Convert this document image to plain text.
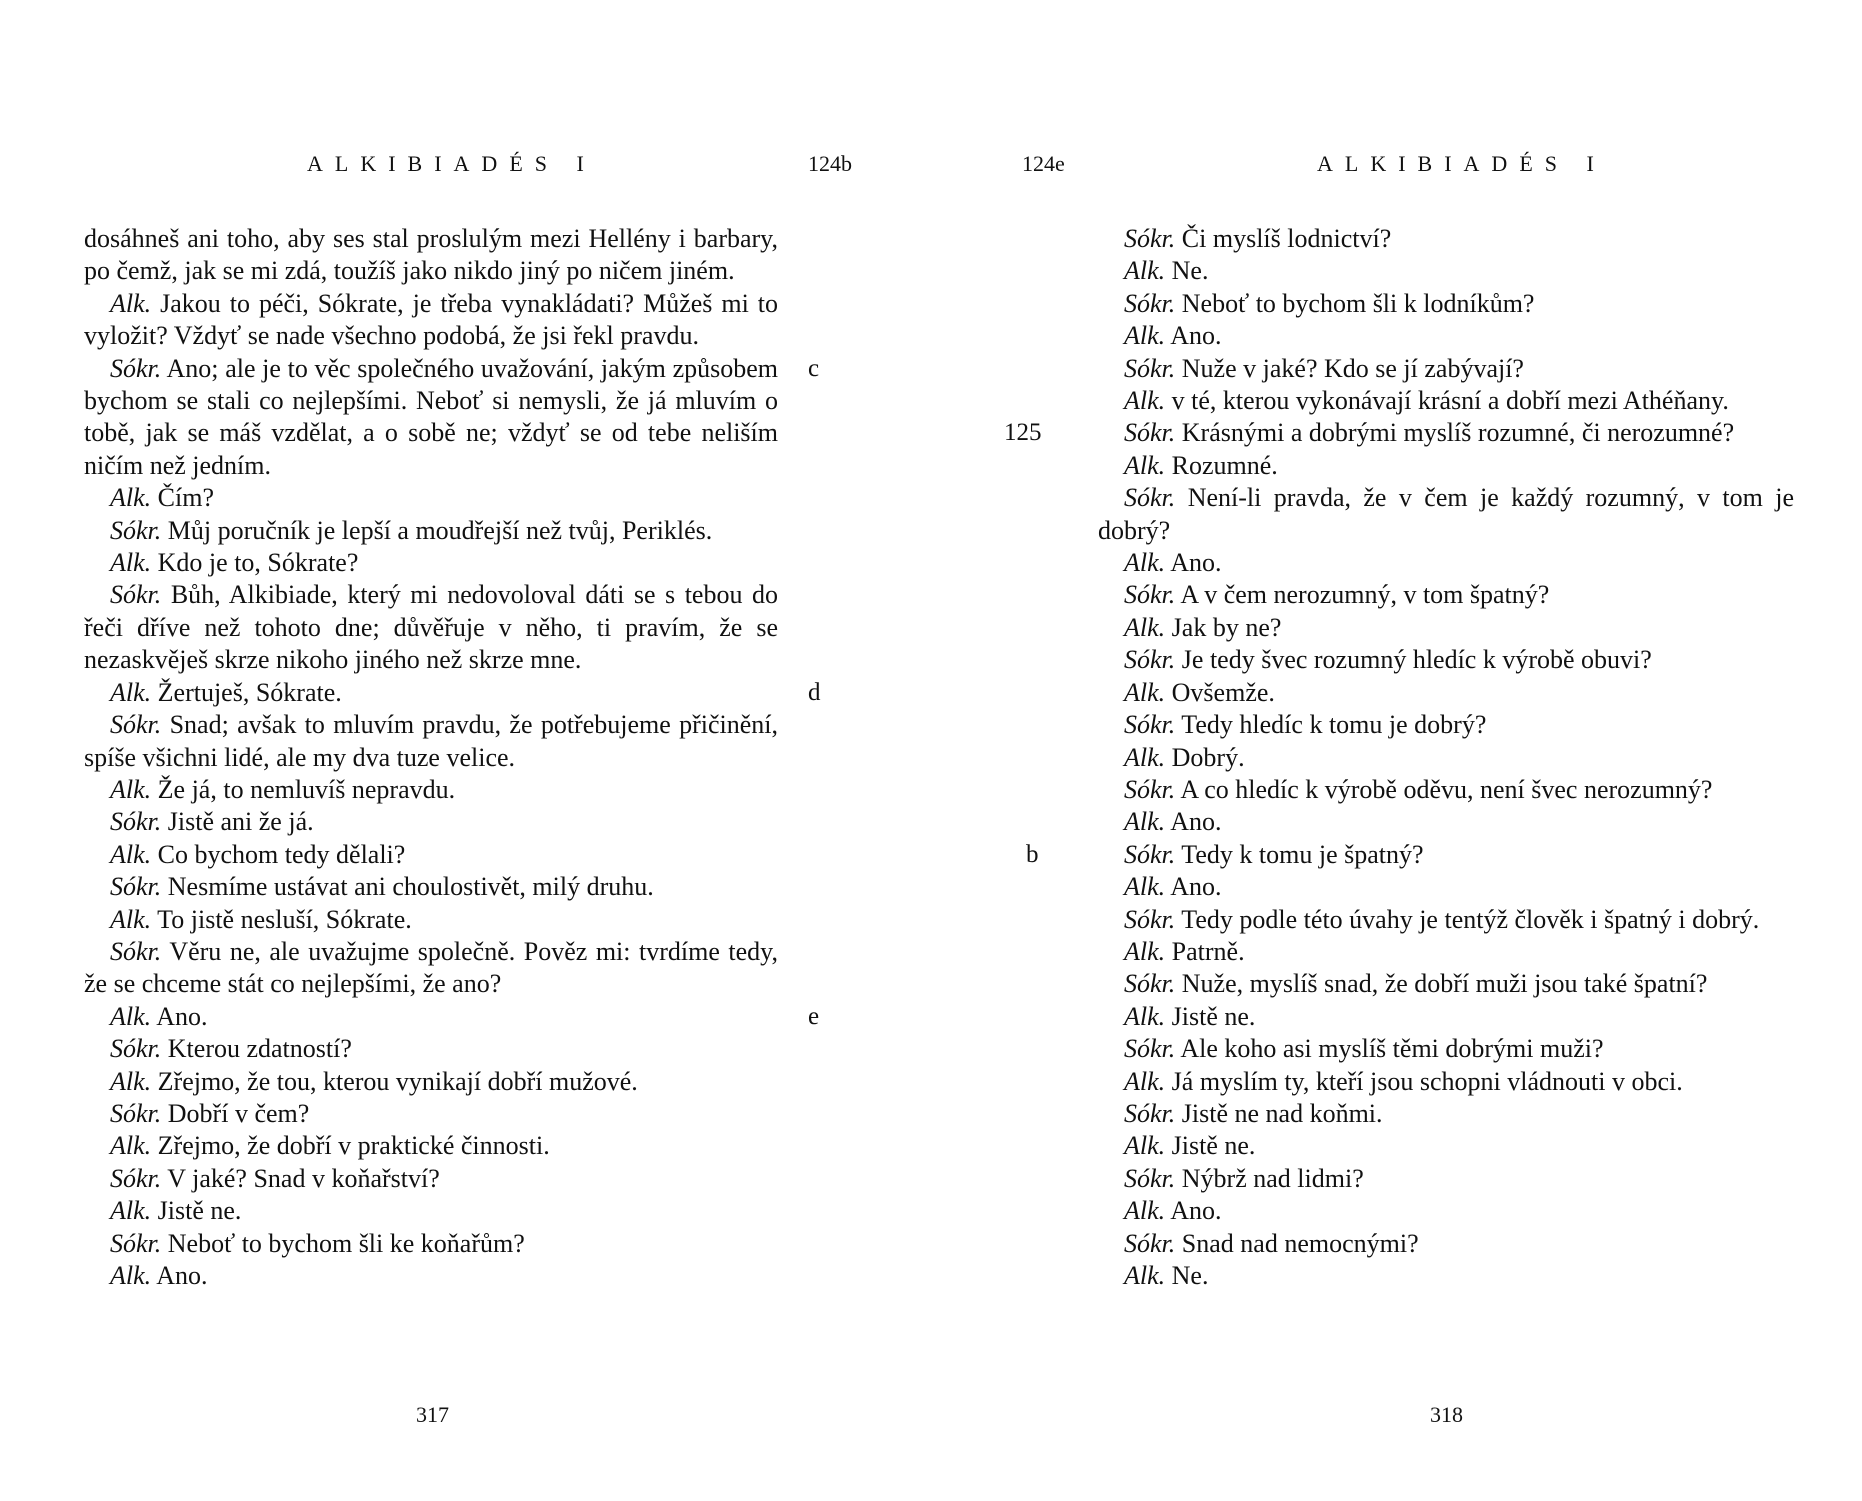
ALKIBIADÉS I	124b	124e	ALKIBIADÉS I
dosáhneš ani toho, aby ses stal proslulým mezi Hellény i barbary, po čemž, jak se mi zdá, toužíš jako nikdo jiný po ničem jiném.
Alk. Jakou to péči, Sókrate, je třeba vynakládati? Můžeš mi to vyložit? Vždyť se nade všechno podobá, že jsi řekl pravdu.
Sókr. Ano; ale je to věc společného uvažování, jakým způsobem bychom se stali co nejlepšími. Neboť si nemysli, že já mluvím o tobě, jak se máš vzdělat, a o sobě ne; vždyť se od tebe neliším ničím než jedním.
c
Alk. Čím?
Sókr. Můj poručník je lepší a moudřejší než tvůj, Periklés.
Alk. Kdo je to, Sókrate?
Sókr. Bůh, Alkibiade, který mi nedovoloval dáti se s tebou do řeči dříve než tohoto dne; důvěřuje v něho, ti pravím, že se nezaskvěješ skrze nikoho jiného než skrze mne.
Alk. Žertuješ, Sókrate.	d
Sókr. Snad; avšak to mluvím pravdu, že potřebujeme přičinění, spíše všichni lidé, ale my dva tuze velice.
Alk. Že já, to nemluvíš nepravdu.
Sókr. Jistě ani že já.
Alk. Co bychom tedy dělali?
Sókr. Nesmíme ustávat ani choulostivět, milý druhu.
Alk. To jistě nesluší, Sókrate.
Sókr. Věru ne, ale uvažujme společně. Pověz mi: tvrdíme tedy, že se chceme stát co nejlepšími, že ano?
Alk. Ano.	e
Sókr. Kterou zdatností?
Alk. Zřejmo, že tou, kterou vynikají dobří mužové.
Sókr. Dobří v čem?
Alk. Zřejmo, že dobří v praktické činnosti.
Sókr. V jaké? Snad v koňařství?
Alk. Jistě ne.
Sókr. Neboť to bychom šli ke koňařům?
Alk. Ano.
Sókr. Či myslíš lodnictví?
Alk. Ne.
Sókr. Neboť to bychom šli k lodníkům?
Alk. Ano.
Sókr. Nuže v jaké? Kdo se jí zabývají?
Alk. v té, kterou vykonávají krásní a dobří mezi Athéňany.
Sókr. Krásnými a dobrými myslíš rozumné, či nerozumné?
125
Alk. Rozumné.
Sókr. Není-li pravda, že v čem je každý rozumný, v tom je dobrý?
Alk. Ano.
Sókr. A v čem nerozumný, v tom špatný?
Alk. Jak by ne?
Sókr. Je tedy švec rozumný hledíc k výrobě obuvi?
Alk. Ovšemže.
Sókr. Tedy hledíc k tomu je dobrý?
Alk. Dobrý.
Sókr. A co hledíc k výrobě oděvu, není švec nerozumný?
Alk. Ano.
Sókr. Tedy k tomu je špatný?
b
Alk. Ano.
Sókr. Tedy podle této úvahy je tentýž člověk i špatný i dobrý.
Alk. Patrně.
Sókr. Nuže, myslíš snad, že dobří muži jsou také špatní?
Alk. Jistě ne.
Sókr. Ale koho asi myslíš těmi dobrými muži?
Alk. Já myslím ty, kteří jsou schopni vládnouti v obci.
Sókr. Jistě ne nad koňmi.
Alk. Jistě ne.
Sókr. Nýbrž nad lidmi?
Alk. Ano.
Sókr. Snad nad nemocnými?
Alk. Ne.
317	318
